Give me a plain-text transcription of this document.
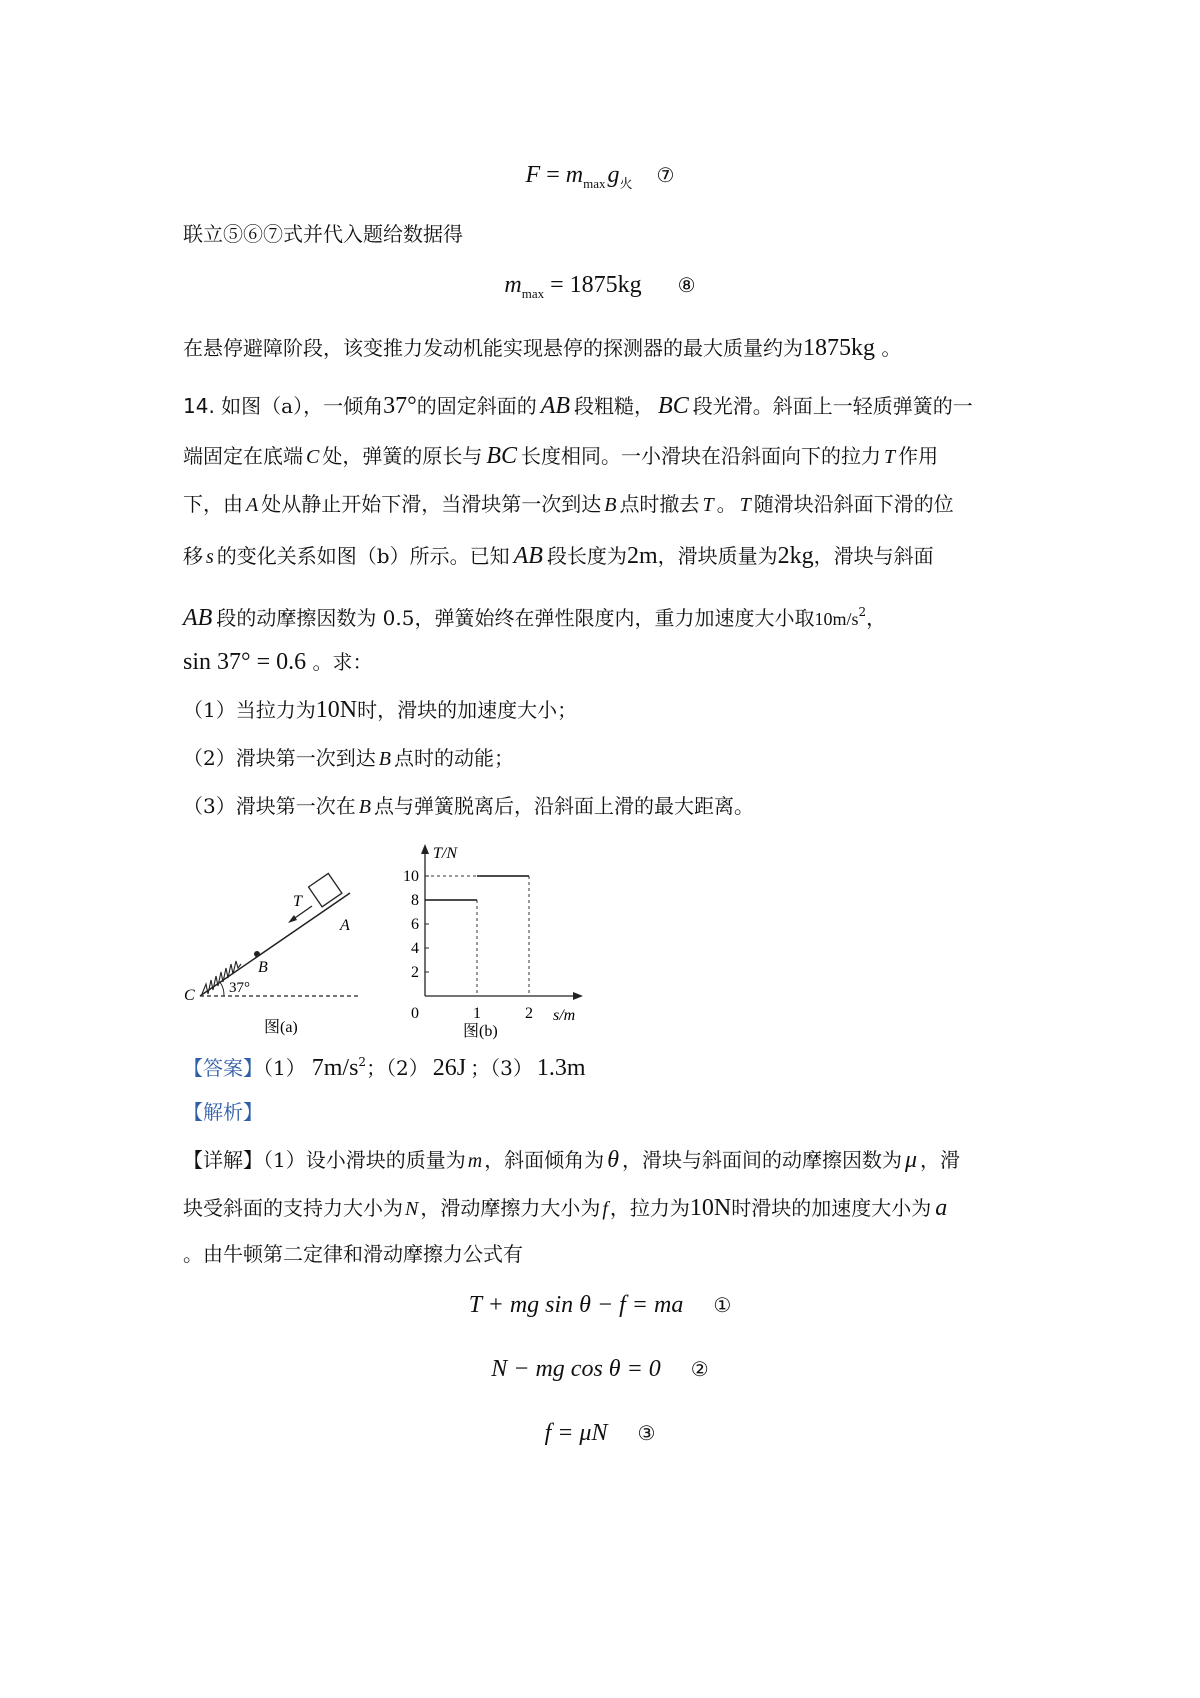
$F = m_{max}g_火$ ⑦
联立⑤⑥⑦式并代入题给数据得
$m_{max} = 1875kg$ ⑧
在悬停避障阶段，该变推力发动机能实现悬停的探测器的最大质量约为1875kg 。
14. 如图（a），一倾角37°的固定斜面的 AB 段粗糙， BC 段光滑。斜面上一轻质弹簧的一
端固定在底端 C 处，弹簧的原长与 BC 长度相同。一小滑块在沿斜面向下的拉力 T 作用
下，由 A 处从静止开始下滑，当滑块第一次到达 B 点时撤去 T 。 T 随滑块沿斜面下滑的位
移 s 的变化关系如图（b）所示。已知 AB 段长度为2m，滑块质量为2kg，滑块与斜面
AB 段的动摩擦因数为 0.5，弹簧始终在弹性限度内，重力加速度大小取$10m/s^2$，
sin 37° = 0.6 。求：
（1）当拉力为10N时，滑块的加速度大小；
（2）滑块第一次到达 B 点时的动能；
（3）滑块第一次在 B 点与弹簧脱离后，沿斜面上滑的最大距离。
T
A
B
C 37°
图(a)
T/N
s/m
图(b)
2
4
6
8
10
0	1	2
【答案】（1） $7m/s^2$；（2） 26J ；（3） 1.3m
【解析】
【详解】（1）设小滑块的质量为 m ，斜面倾角为 θ ，滑块与斜面间的动摩擦因数为 μ ，滑
块受斜面的支持力大小为 N ，滑动摩擦力大小为 f ，拉力为10N时滑块的加速度大小为 a
。由牛顿第二定律和滑动摩擦力公式有
T + mg sin θ − f = ma ①
N − mg cos θ = 0 ②
f = μN ③
